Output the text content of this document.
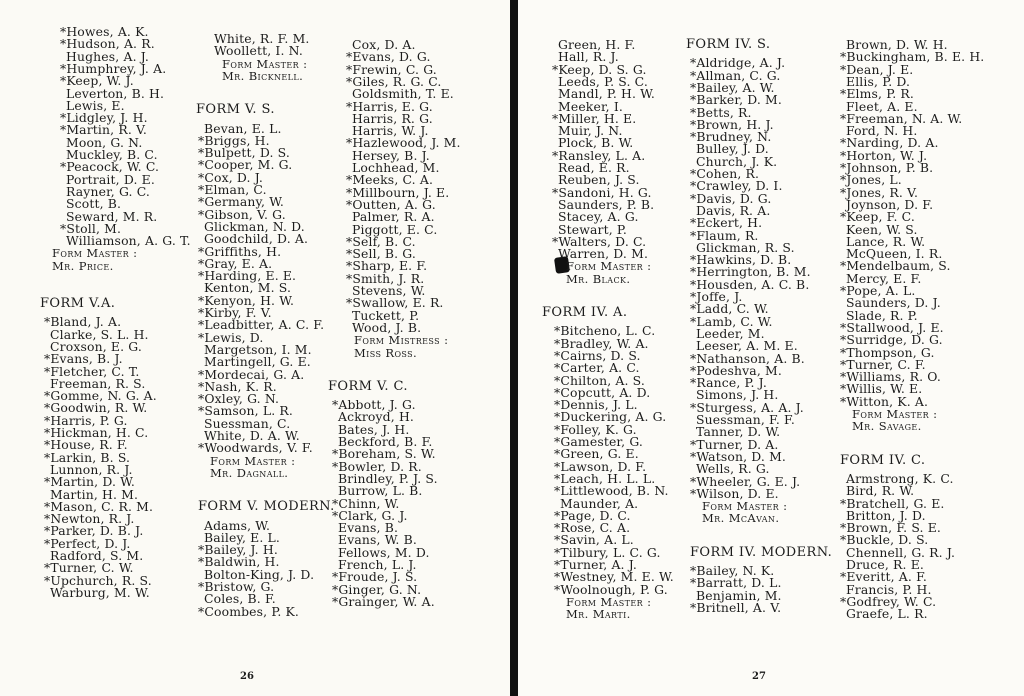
*Howes, A. K.
*Hudson, A. R.
Hughes, A. J.
*Humphrey, J. A.
*Keep, W. J.
Leverton, B. H.
Lewis, E.
*Lidgley, J. H.
*Martin, R. V.
Moon, G. N.
Muckley, B. C.
*Peacock, W. C.
Portrait, D. E.
Rayner, G. C.
Scott, B.
Seward, M. R.
*Stoll, M.
Williamson, A. G. T.
Form Master :
Mr. Price.
FORM V.A.
*Bland, J. A.
Clarke, S. L. H.
Croxson, E. G.
*Evans, B. J.
*Fletcher, C. T.
Freeman, R. S.
*Gomme, N. G. A.
*Goodwin, R. W.
*Harris, P. G.
*Hickman, H. C.
*House, R. F.
*Larkin, B. S.
Lunnon, R. J.
*Martin, D. W.
Martin, H. M.
*Mason, C. R. M.
*Newton, R. J.
*Parker, D. B. J.
*Perfect, D. J.
Radford, S. M.
*Turner, C. W.
*Upchurch, R. S.
Warburg, M. W.
White, R. F. M.
Woollett, I. N.
Form Master :
Mr. Bicknell.
FORM V. S.
Bevan, E. L.
*Briggs, H.
*Bulpett, D. S.
*Cooper, M. G.
*Cox, D. J.
*Elman, C.
*Germany, W.
*Gibson, V. G.
Glickman, N. D.
Goodchild, D. A.
*Griffiths, H.
*Gray, E. A.
*Harding, E. E.
Kenton, M. S.
*Kenyon, H. W.
*Kirby, F. V.
*Leadbitter, A. C. F.
*Lewis, D.
Margetson, I. M.
Martingell, G. E.
*Mordecai, G. A.
*Nash, K. R.
*Oxley, G. N.
*Samson, L. R.
Suessman, C.
White, D. A. W.
*Woodwards, V. F.
Form Master :
Mr. Dagnall.
FORM V. MODERN.
Adams, W.
Bailey, E. L.
*Bailey, J. H.
*Baldwin, H.
Bolton-King, J. D.
*Bristow, G.
Coles, B. F.
*Coombes, P. K.
Cox, D. A.
*Evans, D. G.
*Frewin, C. G.
*Giles, R. G. C.
Goldsmith, T. E.
*Harris, E. G.
Harris, R. G.
Harris, W. J.
*Hazlewood, J. M.
Hersey, B. J.
Lochhead, M.
*Meeks, C. A.
*Millbourn, J. E.
*Outten, A. G.
Palmer, R. A.
Piggott, E. C.
*Self, B. C.
*Sell, B. G.
*Sharp, E. F.
*Smith, J. R.
Stevens, W.
*Swallow, E. R.
Tuckett, P.
Wood, J. B.
Form Mistress :
Miss Ross.
FORM V. C.
*Abbott, J. G.
Ackroyd, H.
Bates, J. H.
Beckford, B. F.
*Boreham, S. W.
*Bowler, D. R.
Brindley, P. J. S.
Burrow, L. B.
*Chinn, W.
*Clark, G. J.
Evans, B.
Evans, W. B.
Fellows, M. D.
French, L. J.
*Froude, J. S.
*Ginger, G. N.
*Grainger, W. A.
Green, H. F.
Hall, R. J.
*Keep, D. S. G.
Leeds, P. S. C.
Mandl, P. H. W.
Meeker, I.
*Miller, H. E.
Muir, J. N.
Plock, B. W.
*Ransley, L. A.
Read, E. R.
Reuben, J. S.
*Sandoni, H. G.
Saunders, P. B.
Stacey, A. G.
Stewart, P.
*Walters, D. C.
Warren, D. M.
Form Master :
Mr. Black.
FORM IV. A.
*Bitcheno, L. C.
*Bradley, W. A.
*Cairns, D. S.
*Carter, A. C.
*Chilton, A. S.
*Copcutt, A. D.
*Dennis, J. L.
*Duckering, A. G.
*Folley, K. G.
*Gamester, G.
*Green, G. E.
*Lawson, D. F.
*Leach, H. L. L.
*Littlewood, B. N.
Maunder, A.
*Page, D. C.
*Rose, C. A.
*Savin, A. L.
*Tilbury, L. C. G.
*Turner, A. J.
*Westney, M. E. W.
*Woolnough, P. G.
Form Master :
Mr. Marti.
FORM IV. S.
*Aldridge, A. J.
*Allman, C. G.
*Bailey, A. W.
*Barker, D. M.
*Betts, R.
*Brown, H. J.
*Brudney, N.
Bulley, J. D.
Church, J. K.
*Cohen, R.
*Crawley, D. I.
*Davis, D. G.
Davis, R. A.
*Eckert, H.
*Flaum, R.
Glickman, R. S.
*Hawkins, D. B.
*Herrington, B. M.
*Housden, A. C. B.
*Joffe, J.
*Ladd, C. W.
*Lamb, C. W.
Leeder, M.
Leeser, A. M. E.
*Nathanson, A. B.
*Podeshva, M.
*Rance, P. J.
Simons, J. H.
*Sturgess, A. A. J.
Suessman, F. F.
Tanner, D. W.
*Turner, D. A.
*Watson, D. M.
Wells, R. G.
*Wheeler, G. E. J.
*Wilson, D. E.
Form Master :
Mr. McAvan.
FORM IV. MODERN.
*Bailey, N. K.
*Barratt, D. L.
Benjamin, M.
*Britnell, A. V.
Brown, D. W. H.
*Buckingham, B. E. H.
*Dean, J. E.
Ellis, P. D.
*Elms, P. R.
Fleet, A. E.
*Freeman, N. A. W.
Ford, N. H.
*Narding, D. A.
*Horton, W. J.
*Johnson, P. B.
*Jones, L.
*Jones, R. V.
Joynson, D. F.
*Keep, F. C.
Keen, W. S.
Lance, R. W.
McQueen, I. R.
*Mendelbaum, S.
Mercy, E. F.
*Pope, A. L.
Saunders, D. J.
Slade, R. P.
*Stallwood, J. E.
*Surridge, D. G.
*Thompson, G.
*Turner, C. F.
*Williams, R. O.
*Willis, W. E.
*Witton, K. A.
Form Master :
Mr. Savage.
FORM IV. C.
Armstrong, K. C.
Bird, R. W.
*Bratchell, G. E.
Britton, J. D.
*Brown, F. S. E.
*Buckle, D. S.
Chennell, G. R. J.
Druce, R. E.
*Everitt, A. F.
Francis, P. H.
*Godfrey, W. C.
Graefe, L. R.
26	27
